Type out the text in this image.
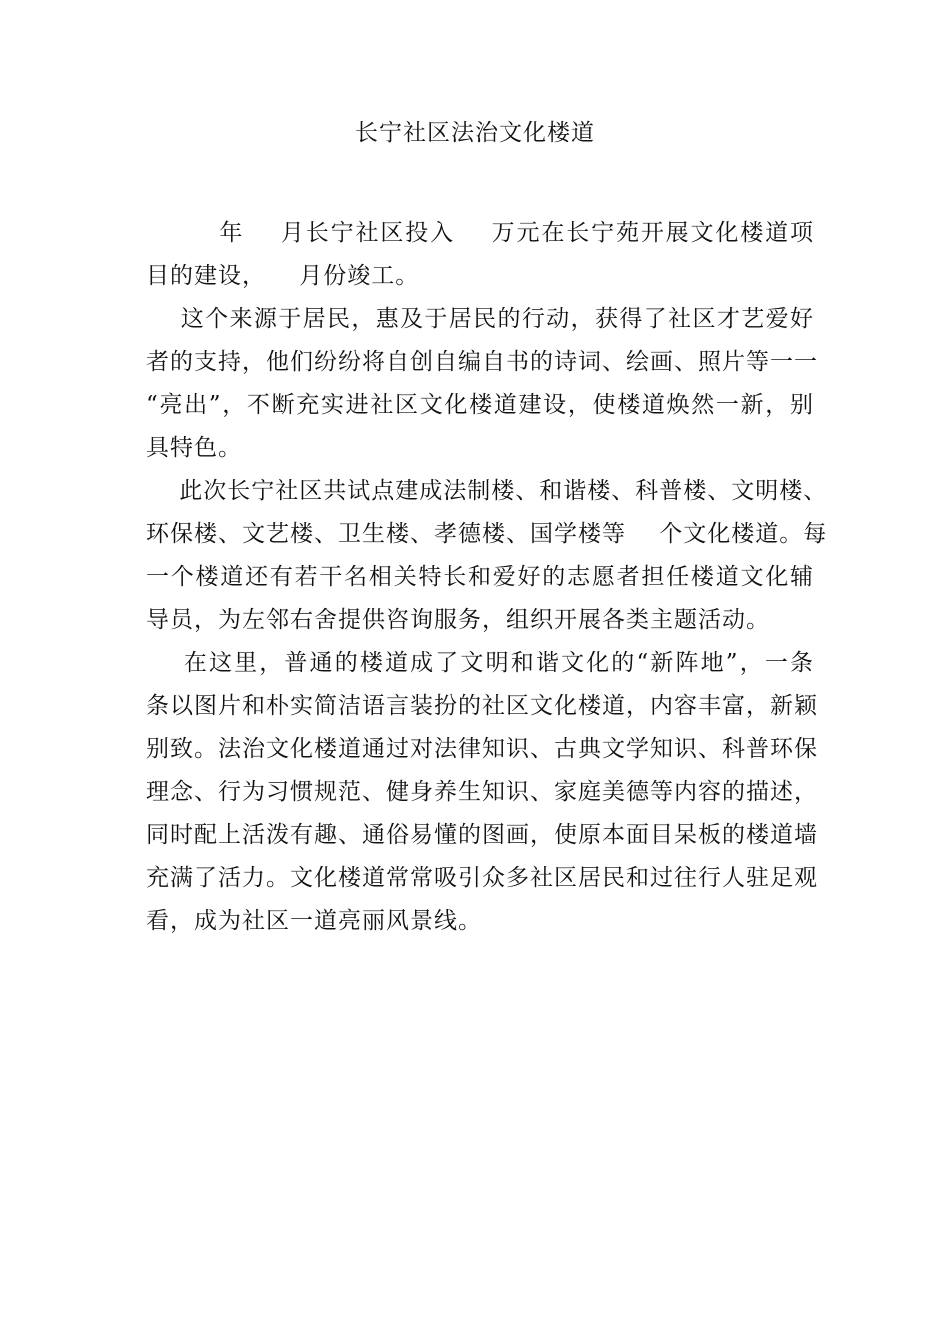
长宁社区法治文化楼道
年    月长宁社区投入    万元在长宁苑开展文化楼道项
目的建设，    月份竣工。
这个来源于居民，惠及于居民的行动，获得了社区才艺爱好
者的支持，他们纷纷将自创自编自书的诗词、绘画、照片等一一
“亮出”，不断充实进社区文化楼道建设，使楼道焕然一新，别
具特色。
此次长宁社区共试点建成法制楼、和谐楼、科普楼、文明楼、
环保楼、文艺楼、卫生楼、孝德楼、国学楼等    个文化楼道。每
一个楼道还有若干名相关特长和爱好的志愿者担任楼道文化辅
导员，为左邻右舍提供咨询服务，组织开展各类主题活动。
在这里，普通的楼道成了文明和谐文化的“新阵地”，一条
条以图片和朴实简洁语言装扮的社区文化楼道，内容丰富，新颖
别致。法治文化楼道通过对法律知识、古典文学知识、科普环保
理念、行为习惯规范、健身养生知识、家庭美德等内容的描述，
同时配上活泼有趣、通俗易懂的图画，使原本面目呆板的楼道墙
充满了活力。文化楼道常常吸引众多社区居民和过往行人驻足观
看，成为社区一道亮丽风景线。
